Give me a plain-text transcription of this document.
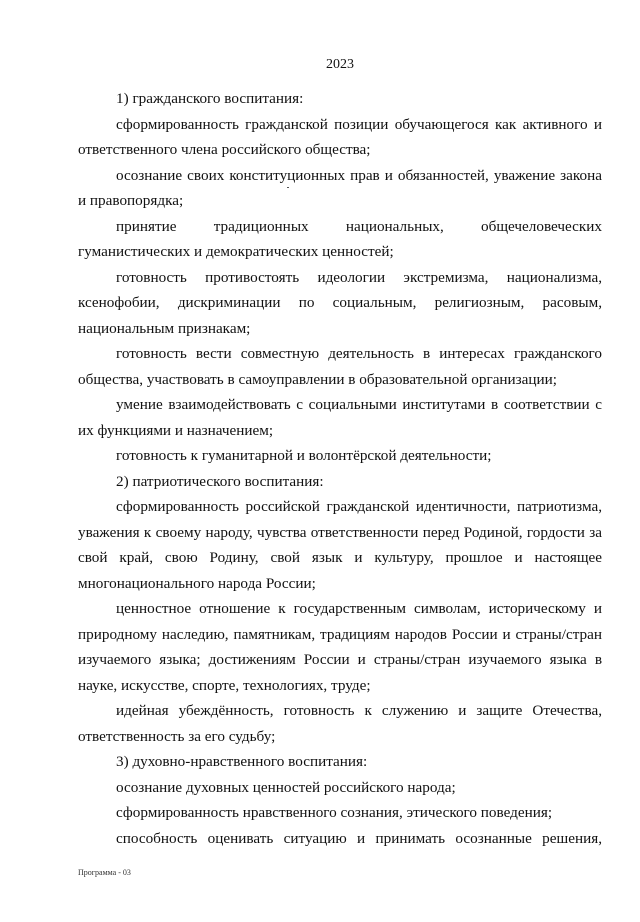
2023

1) гражданского воспитания:

сформированность гражданской позиции обучающегося как активного и ответственного члена российского общества;

осознание своих конституционных прав и обязанностей, уважение закона и правопорядка;

принятие традиционных национальных, общечеловеческих гуманистических и демократических ценностей;

готовность противостоять идеологии экстремизма, национализма, ксенофобии, дискриминации по социальным, религиозным, расовым, национальным признакам;

готовность вести совместную деятельность в интересах гражданского общества, участвовать в самоуправлении в образовательной организации;

умение взаимодействовать с социальными институтами в соответствии с их функциями и назначением;

готовность к гуманитарной и волонтёрской деятельности;

2) патриотического воспитания:

сформированность российской гражданской идентичности, патриотизма, уважения к своему народу, чувства ответственности перед Родиной, гордости за свой край, свою Родину, свой язык и культуру, прошлое и настоящее многонационального народа России;

ценностное отношение к государственным символам, историческому и природному наследию, памятникам, традициям народов России и страны/стран изучаемого языка; достижениям России и страны/стран изучаемого языка в науке, искусстве, спорте, технологиях, труде;

идейная убеждённость, готовность к служению и защите Отечества, ответственность за его судьбу;

3) духовно-нравственного воспитания:

осознание духовных ценностей российского народа;

сформированность нравственного сознания, этического поведения;

способность оценивать ситуацию и принимать осознанные решения,

Программа - 03
